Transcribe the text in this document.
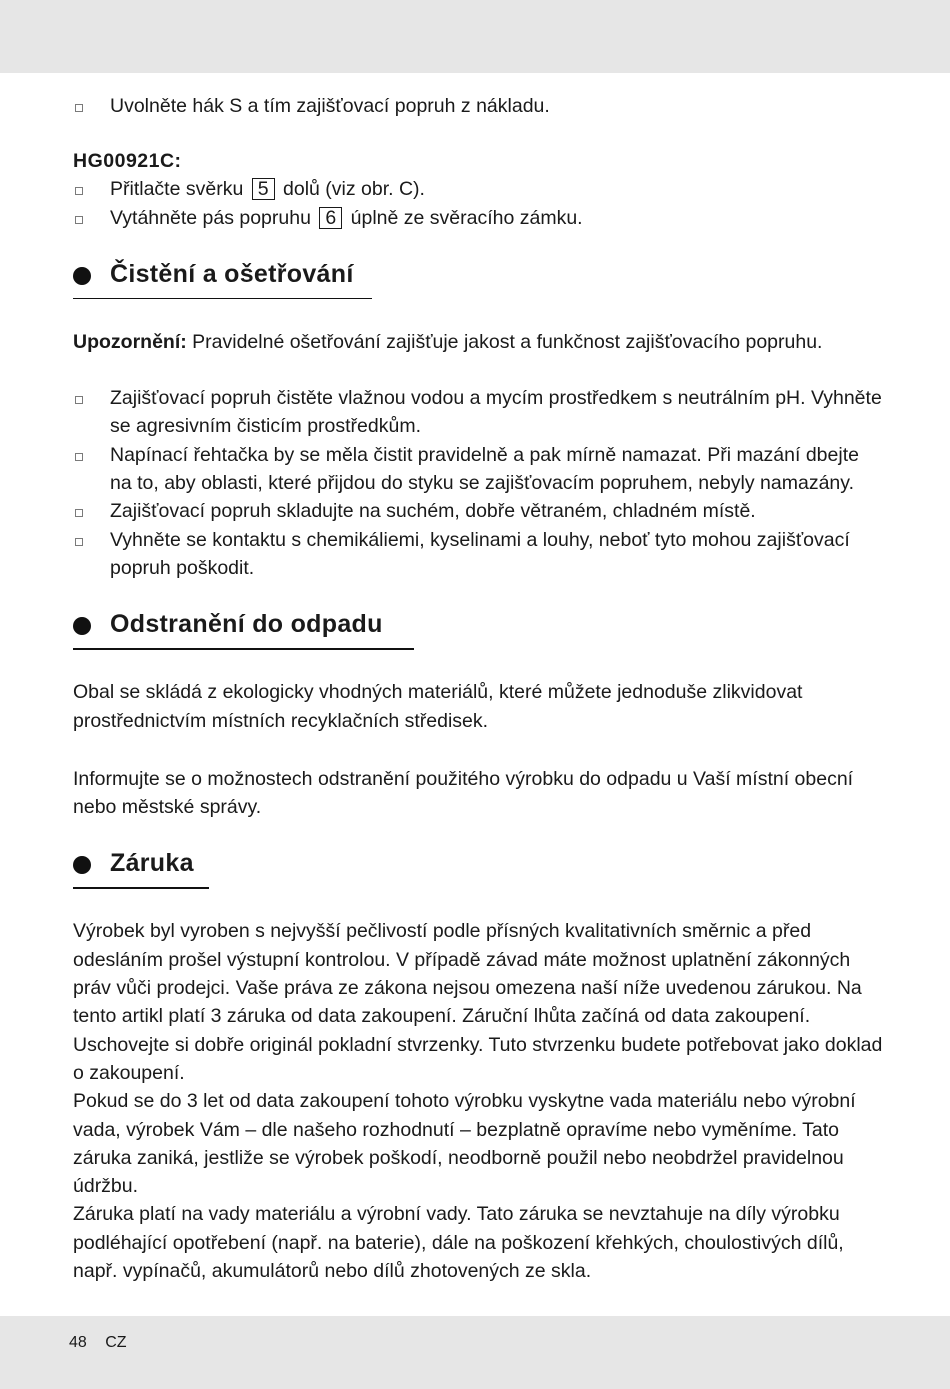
Uvolněte hák S a tím zajišťovací popruh z nákladu.
HG00921C:
Přitlačte svěrku 5 dolů (viz obr. C).
Vytáhněte pás popruhu 6 úplně ze svěracího zámku.
Čistění a ošetřování

Upozornění: Pravidelné ošetřování zajišťuje jakost a funkčnost zajišťovacího popruhu.

Zajišťovací popruh čistěte vlažnou vodou a mycím prostředkem s neutrálním pH. Vyhněte se agresivním čisticím prostředkům.
Napínací řehtačka by se měla čistit pravidelně a pak mírně namazat. Při mazání dbejte na to, aby oblasti, které přijdou do styku se zajišťovacím popruhem, nebyly namazány.
Zajišťovací popruh skladujte na suchém, dobře větraném, chladném místě.
Vyhněte se kontaktu s chemikáliemi, kyselinami a louhy, neboť tyto mohou zajišťovací popruh poškodit.
Odstranění do odpadu

Obal se skládá z ekologicky vhodných materiálů, které můžete jednoduše zlikvidovat prostřednictvím místních recyklačních středisek.

Informujte se o možnostech odstranění použitého výrobku do odpadu u Vaší místní obecní nebo městské správy.

Záruka

Výrobek byl vyroben s nejvyšší pečlivostí podle přísných kvalitativních směrnic a před odesláním prošel výstupní kontrolou. V případě závad máte možnost uplatnění zákonných práv vůči prodejci. Vaše práva ze zákona nejsou omezena naší níže uvedenou zárukou. Na tento artikl platí 3 záruka od data zakoupení. Záruční lhůta začíná od data zakoupení. Uschovejte si dobře originál pokladní stvrzenky. Tuto stvrzenku budete potřebovat jako doklad o zakoupení.

Pokud se do 3 let od data zakoupení tohoto výrobku vyskytne vada materiálu nebo výrobní vada, výrobek Vám – dle našeho rozhodnutí – bezplatně opravíme nebo vyměníme. Tato záruka zaniká, jestliže se výrobek poškodí, neodborně použil nebo neobdržel pravidelnou údržbu.

Záruka platí na vady materiálu a výrobní vady. Tato záruka se nevztahuje na díly výrobku podléhající opotřebení (např. na baterie), dále na poškození křehkých, choulostivých dílů, např. vypínačů, akumulátorů nebo dílů zhotovených ze skla.

48 CZ
